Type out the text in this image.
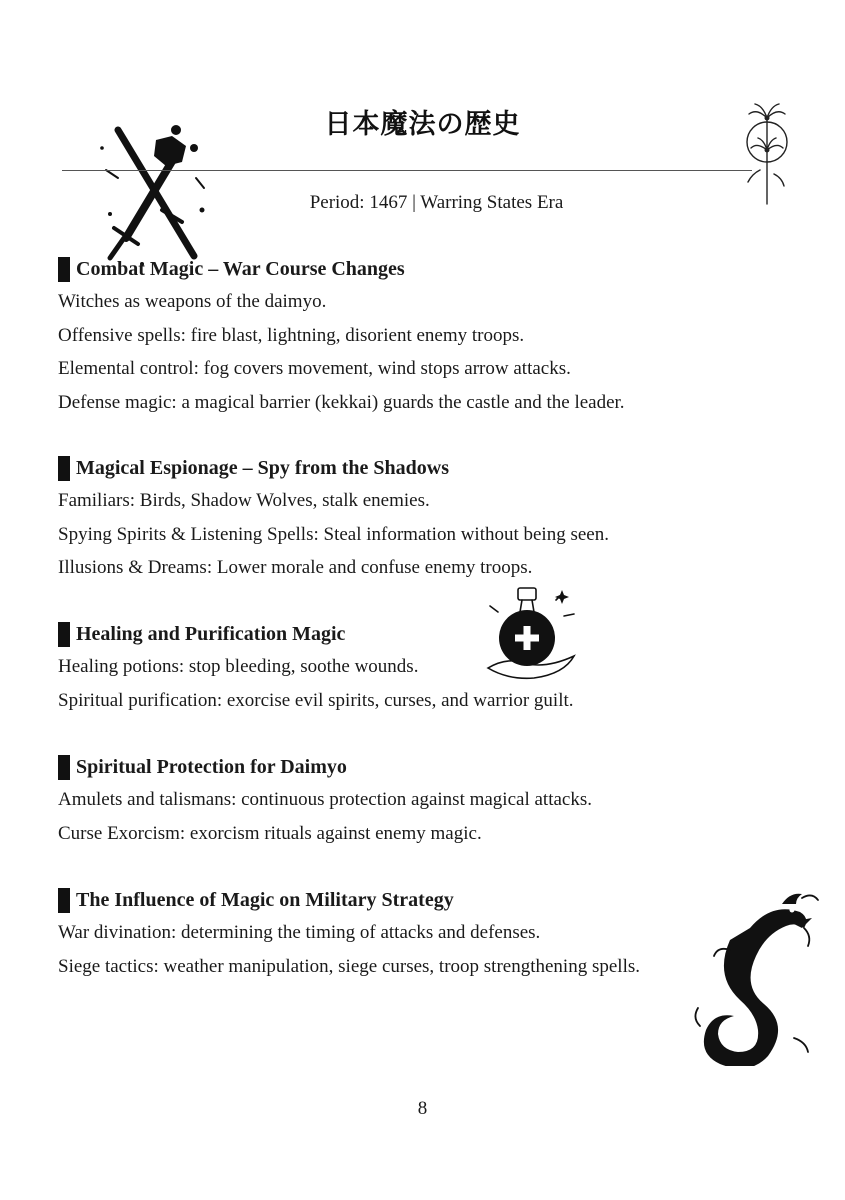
日本魔法の歴史
Period: 1467 | Warring States Era
Combat Magic – War Course Changes
Witches as weapons of the daimyo.
Offensive spells: fire blast, lightning, disorient enemy troops.
Elemental control: fog covers movement, wind stops arrow attacks.
Defense magic: a magical barrier (kekkai) guards the castle and the leader.
Magical Espionage – Spy from the Shadows
Familiars: Birds, Shadow Wolves, stalk enemies.
Spying Spirits & Listening Spells: Steal information without being seen.
Illusions & Dreams: Lower morale and confuse enemy troops.
Healing and Purification Magic
Healing potions: stop bleeding, soothe wounds.
Spiritual purification: exorcise evil spirits, curses, and warrior guilt.
Spiritual Protection for Daimyo
Amulets and talismans: continuous protection against magical attacks.
Curse Exorcism: exorcism rituals against enemy magic.
The Influence of Magic on Military Strategy
War divination: determining the timing of attacks and defenses.
Siege tactics: weather manipulation, siege curses, troop strengthening spells.
8
